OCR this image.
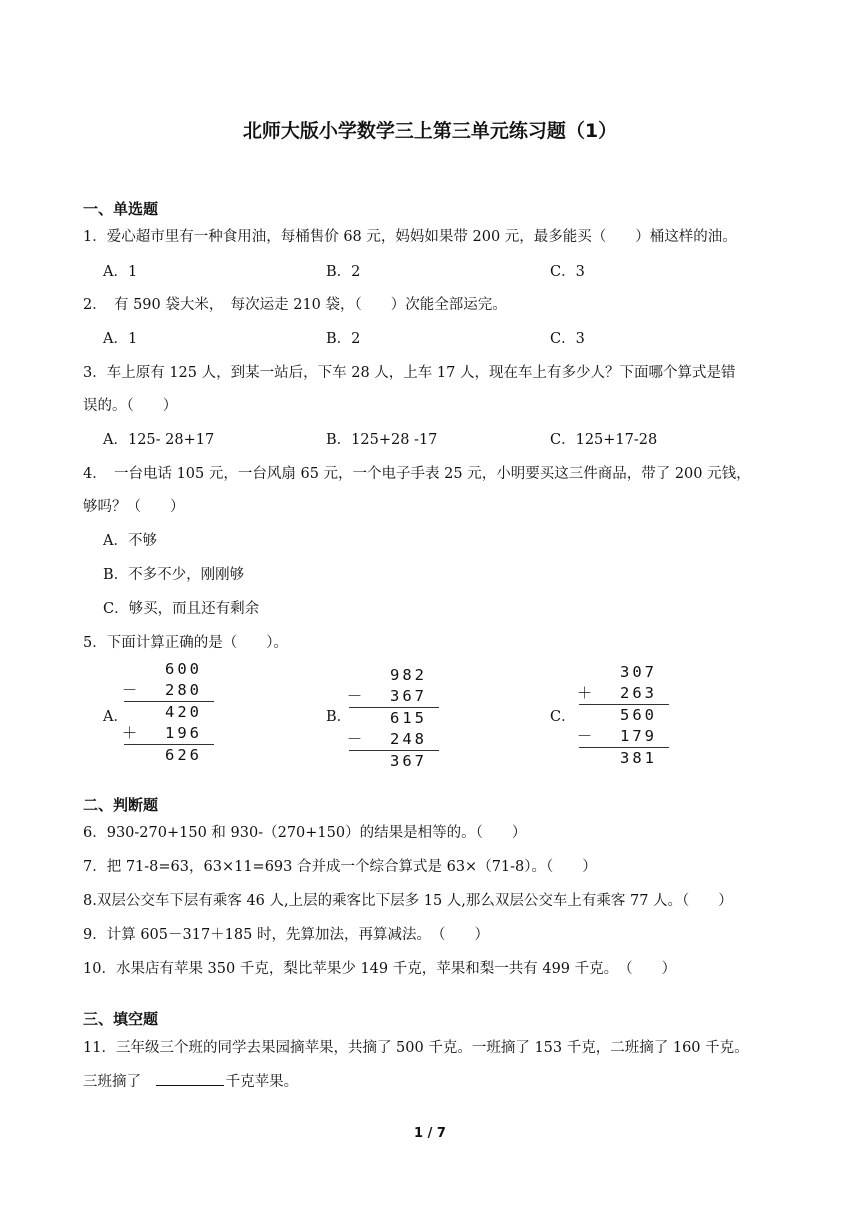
北师大版小学数学三上第三单元练习题（1）
一、单选题
1．爱心超市里有一种食用油，每桶售价 68 元，妈妈如果带 200 元，最多能买（　　）桶这样的油。
A．1	B．2	C．3
2．　有 590 袋大米，　每次运走 210 袋，（　　）次能全部运完。
A．1	B．2	C．3
3．车上原有 125 人，到某一站后，下车 28 人，上车 17 人，现在车上有多少人？下面哪个算式是错
误的。（　　）
A．125- 28+17	B．125+28 -17	C．125+17-28
4．　一台电话 105 元，一台风扇 65 元，一个电子手表 25 元，小明要买这三件商品，带了 200 元钱，
够吗？（　　）
A．不够
B．不多不少，刚刚够
C．够买，而且还有剩余
5．下面计算正确的是（　　）。
A．
600
－	280
420
＋	196
626
B．
982
－	367
615
－	248
367
C．
307
＋	263
560
－	179
381
二、判断题
6．930-270+150 和 930-（270+150）的结果是相等的。（　　）
7．把 71-8=63，63×11=693 合并成一个综合算式是 63×（71-8）。（　　）
8.双层公交车下层有乘客 46 人,上层的乘客比下层多 15 人,那么双层公交车上有乘客 77 人。（　　）
9．计算 605－317＋185 时，先算加法，再算减法。　（　　）
10．水果店有苹果 350 千克，梨比苹果少 149 千克，苹果和梨一共有 499 千克。　（　　）
三、填空题
11．三年级三个班的同学去果园摘苹果，共摘了 500 千克。一班摘了 153 千克，二班摘了 160 千克。
三班摘了	千克苹果。
1 / 7
